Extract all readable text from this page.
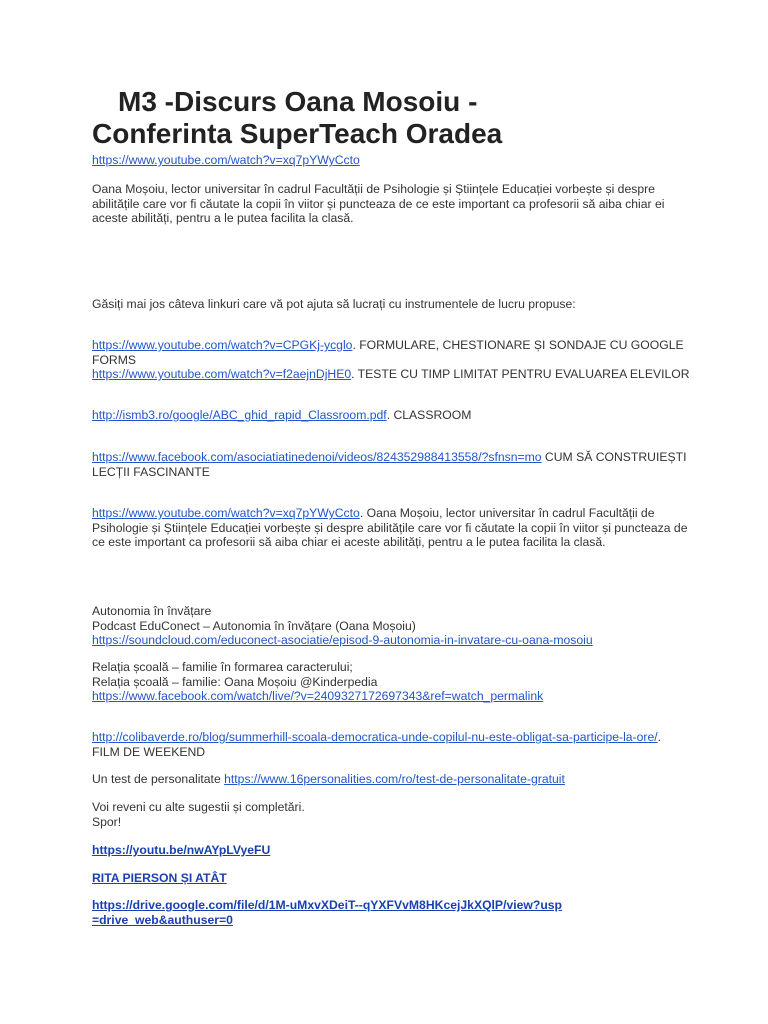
M3 -Discurs Oana Mosoiu -
Conferinta SuperTeach Oradea
https://www.youtube.com/watch?v=xq7pYWyCcto
Oana Moșoiu, lector universitar în cadrul Facultății de Psihologie și Științele Educației vorbește și despre abilitățile care vor fi căutate la copii în viitor și puncteaza de ce este important ca profesorii să aiba chiar ei aceste abilități, pentru a le putea facilita la clasă.
Găsiți mai jos câteva linkuri care vă pot ajuta să lucrați cu instrumentele de lucru propuse:
https://www.youtube.com/watch?v=CPGKj-ycglo. FORMULARE, CHESTIONARE ȘI SONDAJE CU GOOGLE FORMS
https://www.youtube.com/watch?v=f2aejnDjHE0. TESTE CU TIMP LIMITAT PENTRU EVALUAREA ELEVILOR
http://ismb3.ro/google/ABC_ghid_rapid_Classroom.pdf. CLASSROOM
https://www.facebook.com/asociatiatinedenoi/videos/824352988413558/?sfnsn=mo CUM SĂ CONSTRUIEȘTI LECȚII FASCINANTE
https://www.youtube.com/watch?v=xq7pYWyCcto. Oana Moșoiu, lector universitar în cadrul Facultății de Psihologie și Științele Educației vorbește și despre abilitățile care vor fi căutate la copii în viitor și puncteaza de ce este important ca profesorii să aiba chiar ei aceste abilități, pentru a le putea facilita la clasă.
Autonomia în învățare
Podcast EduConect – Autonomia în învățare (Oana Moșoiu)
https://soundcloud.com/educonect-asociatie/episod-9-autonomia-in-invatare-cu-oana-mosoiu
Relația școală – familie în formarea caracterului;
Relația școală – familie: Oana Moșoiu @Kinderpedia
https://www.facebook.com/watch/live/?v=2409327172697343&ref=watch_permalink
http://colibaverde.ro/blog/summerhill-scoala-democratica-unde-copilul-nu-este-obligat-sa-participe-la-ore/. FILM DE WEEKEND
Un test de personalitate https://www.16personalities.com/ro/test-de-personalitate-gratuit
Voi reveni cu alte sugestii și completări.
Spor!
https://youtu.be/nwAYpLVyeFU
RITA PIERSON ȘI ATÂT
https://drive.google.com/file/d/1M-uMxvXDeiT--qYXFVvM8HKcejJkXQlP/view?usp=drive_web&authuser=0
